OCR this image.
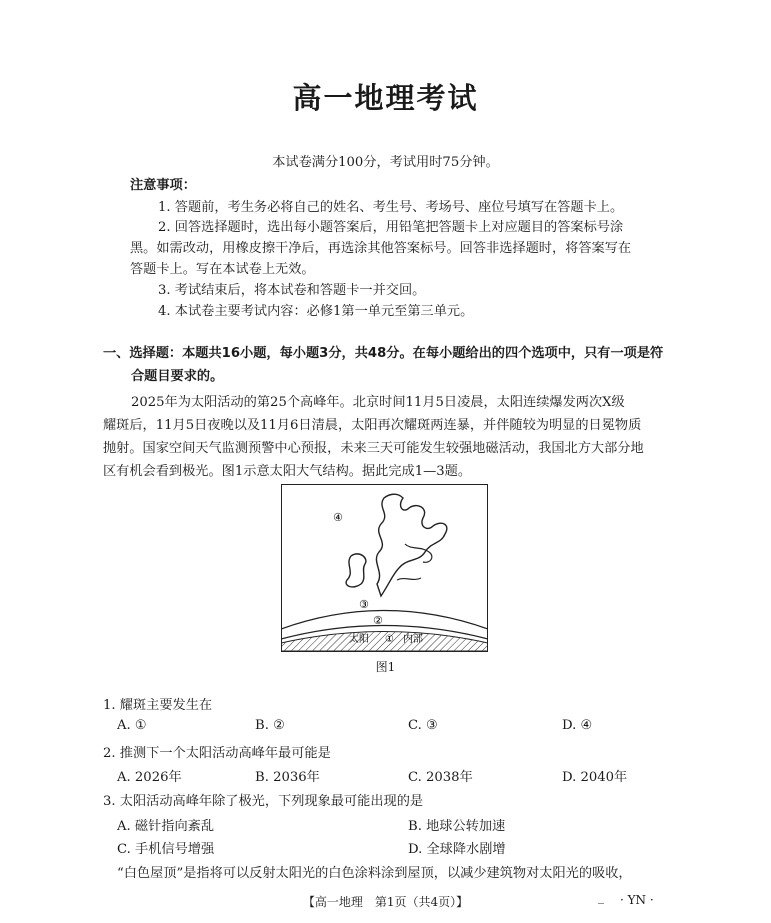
高一地理考试
本试卷满分100分，考试用时75分钟。
注意事项：
1. 答题前，考生务必将自己的姓名、考生号、考场号、座位号填写在答题卡上。
2. 回答选择题时，选出每小题答案后，用铅笔把答题卡上对应题目的答案标号涂
黑。如需改动，用橡皮擦干净后，再选涂其他答案标号。回答非选择题时，将答案写在
答题卡上。写在本试卷上无效。
3. 考试结束后，将本试卷和答题卡一并交回。
4. 本试卷主要考试内容：必修1第一单元至第三单元。
一、选择题：本题共16小题，每小题3分，共48分。在每小题给出的四个选项中，只有一项是符
合题目要求的。
2025年为太阳活动的第25个高峰年。北京时间11月5日凌晨，太阳连续爆发两次X级
耀斑后，11月5日夜晚以及11月6日清晨，太阳再次耀斑两连暴，并伴随较为明显的日冕物质
抛射。国家空间天气监测预警中心预报，未来三天可能发生较强地磁活动，我国北方大部分地
区有机会看到极光。图1示意太阳大气结构。据此完成1—3题。
④
③
②
太阳 ① 内部
图1
1. 耀斑主要发生在
A. ①	B. ②	C. ③	D. ④
2. 推测下一个太阳活动高峰年最可能是
A. 2026年	B. 2036年	C. 2038年	D. 2040年
3. 太阳活动高峰年除了极光，下列现象最可能出现的是
A. 磁针指向紊乱	B. 地球公转加速
C. 手机信号增强	D. 全球降水剧增
“白色屋顶”是指将可以反射太阳光的白色涂料涂到屋顶，以减少建筑物对太阳光的吸收，
【高一地理　第1页（共4页）】	_ · YN ·
